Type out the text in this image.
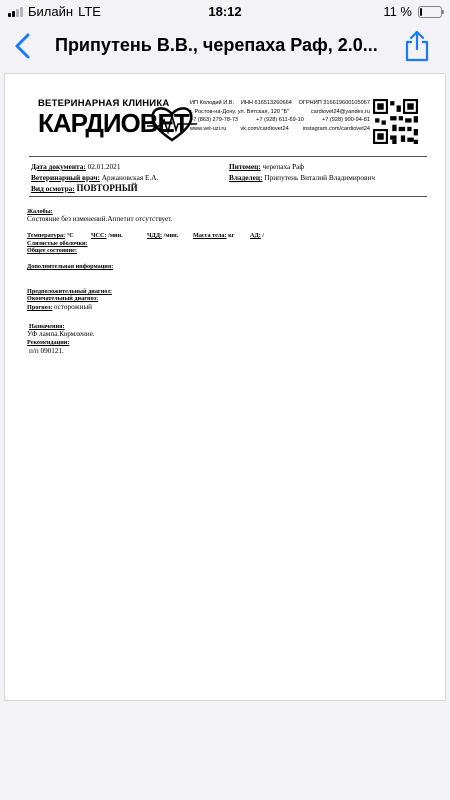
Билайн LTE	18:12	11 %
Припутень В.В., черепаха Раф, 2.0...
ВЕТЕРИНАРНАЯ КЛИНИКА
КАРДИОВЕТ
ИП Колодий И.В. ИНН 616513260664 ОГРНИП 316619600105067
г. Ростов-на-Дону, ул. Вятская, 120 "Б"	cardiovet24@yandex.ru
+7 (863) 279-78-73	+7 (928) 611-69-10	+7 (928) 900-94-81
www.vet-uzi.ru	vk.com/cardiovet24	instagram.com/cardiovet24
Дата документа: 02.01.2021
Ветеринарный врач: Аржановская Е.А.
Вид осмотра: ПОВТОРНЫЙ
Питомец: черепаха Раф
Владелец: Припутень Виталий Владимирович
Жалобы:
Состояние без изменений.Аппетит отсутствует.
Температура: °С	ЧСС: /мин.	ЧДД: /мин. Масса тела: кг	АД: /
Слизистые оболочки:
Общее состояние:
Дополнительная информация:
Предположительный диагноз:
Окончательный диагноз:
Прогноз: осторожный
Назначения:
УФ лампа.Кормление.
Рекомендации:
п/п 090121.
